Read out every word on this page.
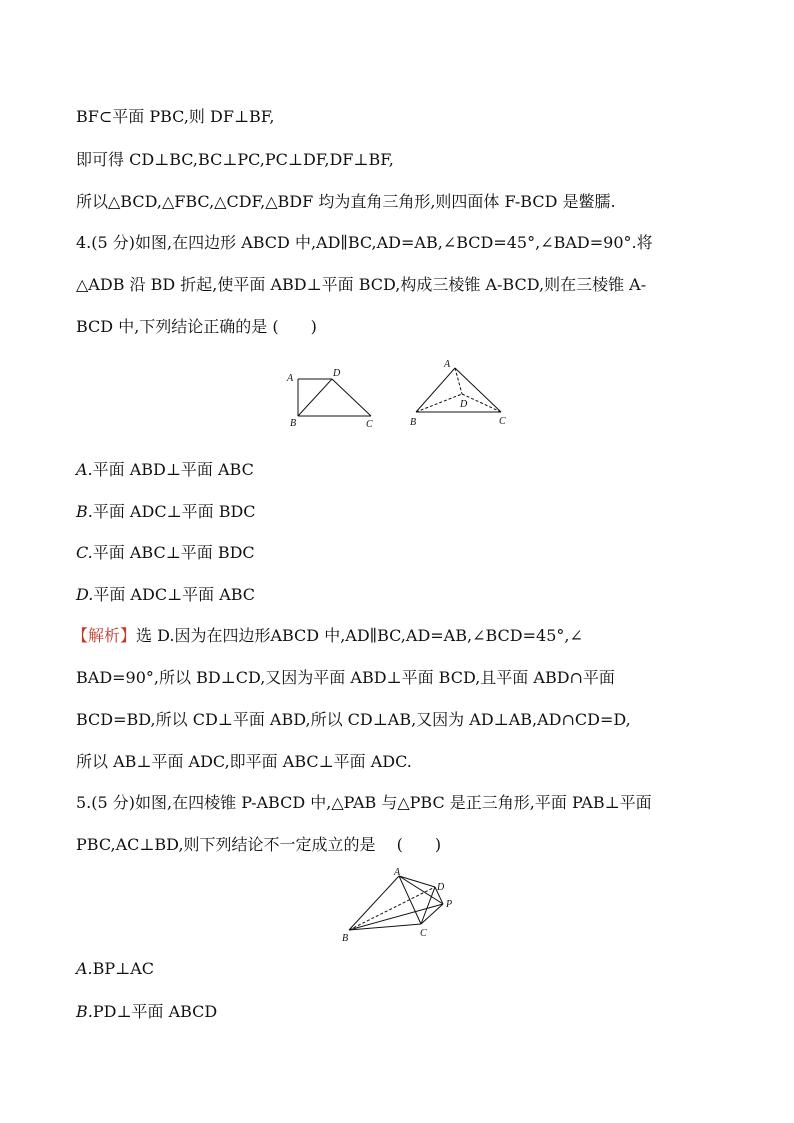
BF⊂平面 PBC,则 DF⊥BF,
即可得 CD⊥BC,BC⊥PC,PC⊥DF,DF⊥BF,
所以△BCD,△FBC,△CDF,△BDF 均为直角三角形,则四面体 F-BCD 是鳖臑.
4.(5 分)如图,在四边形 ABCD 中,AD∥BC,AD=AB,∠BCD=45°,∠BAD=90°.将
△ADB 沿 BD 折起,使平面 ABD⊥平面 BCD,构成三棱锥 A-BCD,则在三棱锥 A-
BCD 中,下列结论正确的是 (　　)
A	D
B	C
A
D
B	C
A.平面 ABD⊥平面 ABC
B.平面 ADC⊥平面 BDC
C.平面 ABC⊥平面 BDC
D.平面 ADC⊥平面 ABC
【解析】选 D.因为在四边形ABCD 中,AD∥BC,AD=AB,∠BCD=45°,∠
BAD=90°,所以 BD⊥CD,又因为平面 ABD⊥平面 BCD,且平面 ABD∩平面
BCD=BD,所以 CD⊥平面 ABD,所以 CD⊥AB,又因为 AD⊥AB,AD∩CD=D,
所以 AB⊥平面 ADC,即平面 ABC⊥平面 ADC.
5.(5 分)如图,在四棱锥 P-ABCD 中,△PAB 与△PBC 是正三角形,平面 PAB⊥平面
PBC,AC⊥BD,则下列结论不一定成立的是　 (　　)
A
D
P
B	C
A.BP⊥AC
B.PD⊥平面 ABCD
